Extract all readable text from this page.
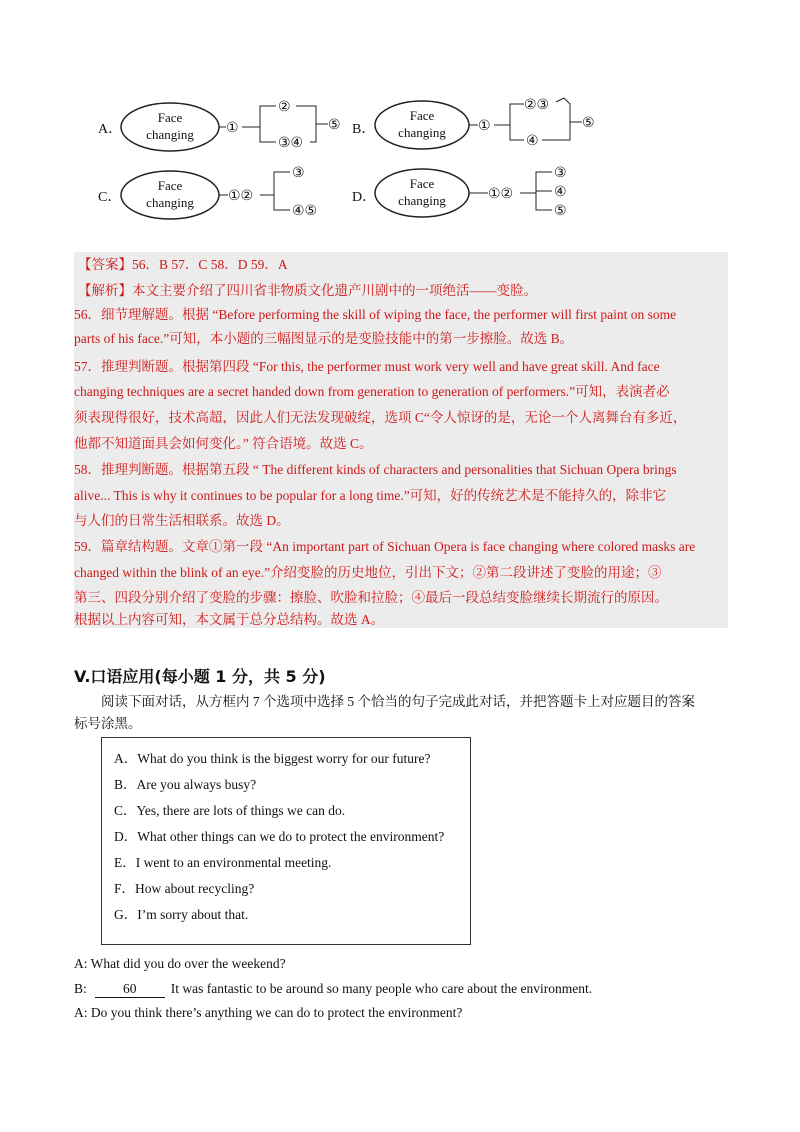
A．
Face
changing ①
②
③④
⑤ B．
Face
changing ①
②③
④
⑤
C．
Face
changing ①②
③
④⑤
D．
Face
changing	①②
③
④
⑤
【答案】56．B 57．C 58．D 59．A
【解析】本文主要介绍了四川省非物质文化遗产川剧中的一项绝活——变脸。
56．细节理解题。根据 “Before performing the skill of wiping the face, the performer will first paint on some
parts of his face.”可知，本小题的三幅图显示的是变脸技能中的第一步擦脸。故选 B。
57．推理判断题。根据第四段 “For this, the performer must work very well and have great skill. And face
changing techniques are a secret handed down from generation to generation of performers.”可知，表演者必
须表现得很好，技术高超，因此人们无法发现破绽，选项 C“令人惊讶的是，无论一个人离舞台有多近，
他都不知道面具会如何变化。” 符合语境。故选 C。
58．推理判断题。根据第五段 “ The different kinds of characters and personalities that Sichuan Opera brings
alive... This is why it continues to be popular for a long time.”可知，好的传统艺术是不能持久的，除非它
与人们的日常生活相联系。故选 D。
59．篇章结构题。文章①第一段 “An important part of Sichuan Opera is face changing where colored masks are
changed within the blink of an eye.”介绍变脸的历史地位，引出下文；②第二段讲述了变脸的用途；③
第三、四段分别介绍了变脸的步骤：擦脸、吹脸和拉脸；④最后一段总结变脸继续长期流行的原因。
根据以上内容可知，本文属于总分总结构。故选 A。
V.口语应用(每小题 1 分，共 5 分)
阅读下面对话，从方框内 7 个选项中选择 5 个恰当的句子完成此对话，并把答题卡上对应题目的答案
标号涂黑。
A．What do you think is the biggest worry for our future?
B．Are you always busy?
C．Yes, there are lots of things we can do.
D．What other things can we do to protect the environment?
E．I went to an environmental meeting.
F．How about recycling?
G．I’m sorry about that.
A: What did you do over the weekend?
B:	60	It was fantastic to be around so many people who care about the environment.
A: Do you think there’s anything we can do to protect the environment?
